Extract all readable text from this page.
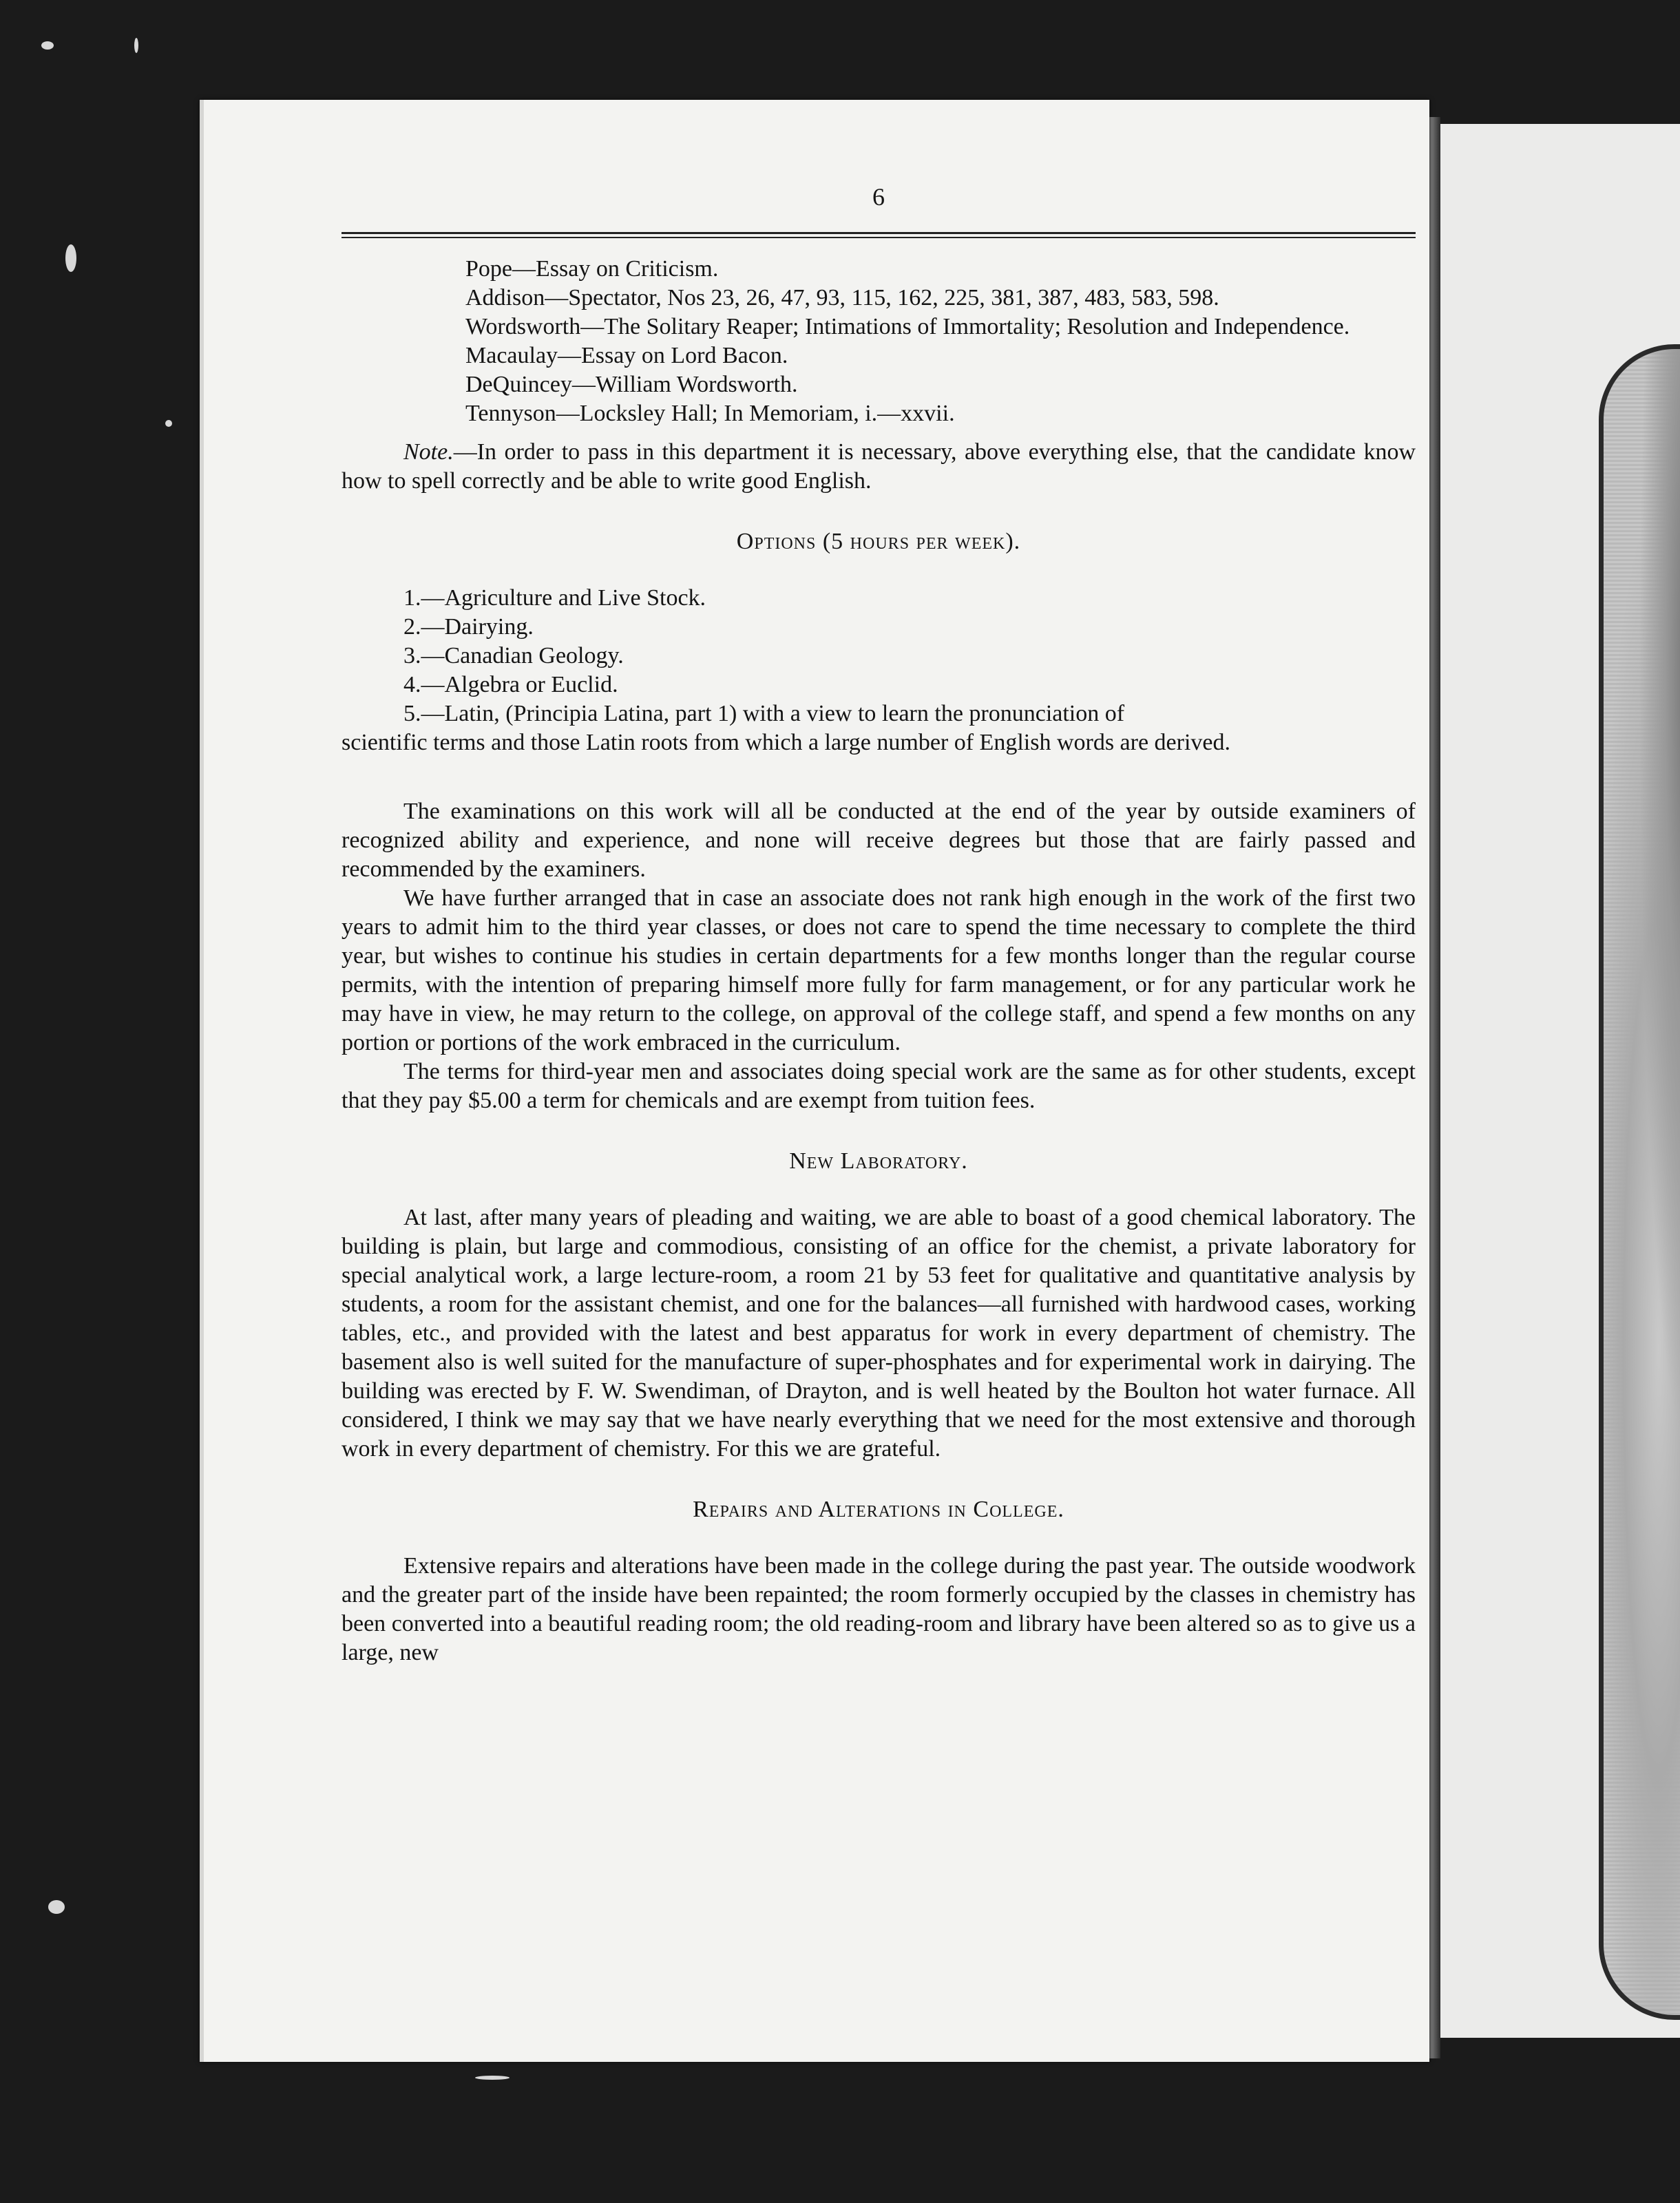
6
Pope—Essay on Criticism.
Addison—Spectator, Nos 23, 26, 47, 93, 115, 162, 225, 381, 387, 483, 583, 598.
Wordsworth—The Solitary Reaper; Intimations of Immortality; Resolution and Independence.
Macaulay—Essay on Lord Bacon.
DeQuincey—William Wordsworth.
Tennyson—Locksley Hall; In Memoriam, i.—xxvii.

Note.—In order to pass in this department it is necessary, above everything else, that the candidate know how to spell correctly and be able to write good English.

Options (5 hours per week).

1.—Agriculture and Live Stock.
2.—Dairying.
3.—Canadian Geology.
4.—Algebra or Euclid.
5.—Latin, (Principia Latina, part 1) with a view to learn the pronunciation of

scientific terms and those Latin roots from which a large number of English words are derived.

The examinations on this work will all be conducted at the end of the year by outside examiners of recognized ability and experience, and none will receive degrees but those that are fairly passed and recommended by the examiners.

We have further arranged that in case an associate does not rank high enough in the work of the first two years to admit him to the third year classes, or does not care to spend the time necessary to complete the third year, but wishes to continue his studies in certain departments for a few months longer than the regular course permits, with the intention of preparing himself more fully for farm management, or for any particular work he may have in view, he may return to the college, on approval of the college staff, and spend a few months on any portion or portions of the work embraced in the curriculum.

The terms for third-year men and associates doing special work are the same as for other students, except that they pay $5.00 a term for chemicals and are exempt from tuition fees.

New Laboratory.

At last, after many years of pleading and waiting, we are able to boast of a good chemical laboratory. The building is plain, but large and commodious, consisting of an office for the chemist, a private laboratory for special analytical work, a large lecture-room, a room 21 by 53 feet for qualitative and quantitative analysis by students, a room for the assistant chemist, and one for the balances—all furnished with hardwood cases, working tables, etc., and provided with the latest and best apparatus for work in every department of chemistry. The basement also is well suited for the manufacture of super-phosphates and for experimental work in dairying. The building was erected by F. W. Swendiman, of Drayton, and is well heated by the Boulton hot water furnace. All considered, I think we may say that we have nearly everything that we need for the most extensive and thorough work in every department of chemistry. For this we are grateful.

Repairs and Alterations in College.

Extensive repairs and alterations have been made in the college during the past year. The outside woodwork and the greater part of the inside have been repainted; the room formerly occupied by the classes in chemistry has been converted into a beautiful reading room; the old reading-room and library have been altered so as to give us a large, new
